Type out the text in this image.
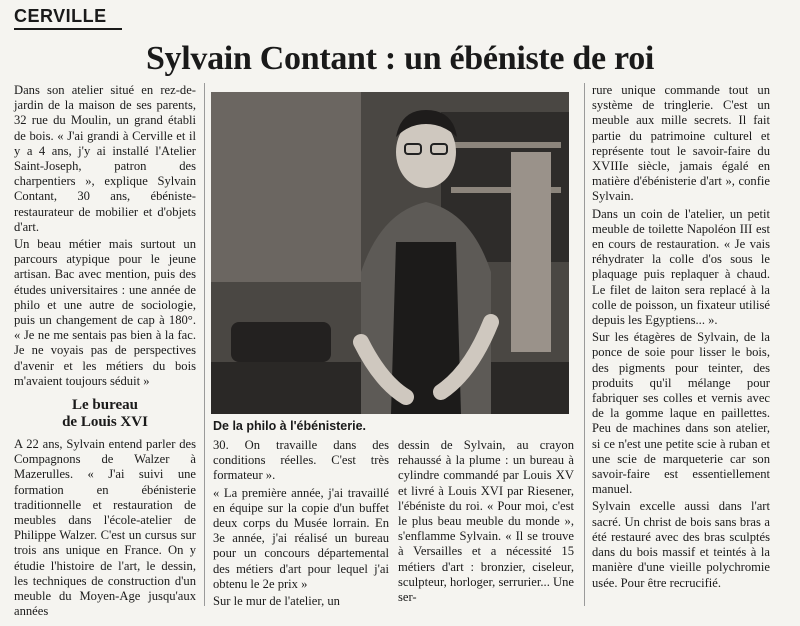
CERVILLE
Sylvain Contant : un ébéniste de roi

Dans son atelier situé en rez-de-jardin de la maison de ses parents, 32 rue du Moulin, un grand établi de bois. « J'ai grandi à Cerville et il y a 4 ans, j'y ai installé l'Atelier Saint-Joseph, patron des charpentiers », explique Sylvain Contant, 30 ans, ébéniste-restaurateur de mobilier et d'objets d'art.

Un beau métier mais surtout un parcours atypique pour le jeune artisan. Bac avec mention, puis des études universitaires : une année de philo et une autre de sociologie, puis un changement de cap à 180°. « Je ne me sentais pas bien à la fac. Je ne voyais pas de perspectives d'avenir et les métiers du bois m'avaient toujours séduit »

Le bureau
de Louis XVI

A 22 ans, Sylvain entend parler des Compagnons de Walzer à Mazerulles. « J'ai suivi une formation en ébénisterie traditionnelle et restauration de meubles dans l'école-atelier de Philippe Walzer. C'est un cursus sur trois ans unique en France. On y étudie l'histoire de l'art, le dessin, les techniques de construction d'un meuble du Moyen-Age jusqu'aux années

De la philo à l'ébénisterie.

30. On travaille dans des conditions réelles. C'est très formateur ».

« La première année, j'ai travaillé en équipe sur la copie d'un buffet deux corps du Musée lorrain. En 3e année, j'ai réalisé un bureau pour un concours départemental des métiers d'art pour lequel j'ai obtenu le 2e prix »

Sur le mur de l'atelier, un

dessin de Sylvain, au crayon rehaussé à la plume : un bureau à cylindre commandé par Louis XV et livré à Louis XVI par Riesener, l'ébéniste du roi. « Pour moi, c'est le plus beau meuble du monde », s'enflamme Sylvain. « Il se trouve à Versailles et a nécessité 15 métiers d'art : bronzier, ciseleur, sculpteur, horloger, serrurier... Une ser-

rure unique commande tout un système de tringlerie. C'est un meuble aux mille secrets. Il fait partie du patrimoine culturel et représente tout le savoir-faire du XVIIIe siècle, jamais égalé en matière d'ébénisterie d'art », confie Sylvain.

Dans un coin de l'atelier, un petit meuble de toilette Napoléon III est en cours de restauration. « Je vais réhydrater la colle d'os sous le plaquage puis replaquer à chaud. Le filet de laiton sera replacé à la colle de poisson, un fixateur utilisé depuis les Egyptiens... ».

Sur les étagères de Sylvain, de la ponce de soie pour lisser le bois, des pigments pour teinter, des produits qu'il mélange pour fabriquer ses colles et vernis avec de la gomme laque en paillettes. Peu de machines dans son atelier, si ce n'est une petite scie à ruban et une scie de marqueterie car son savoir-faire est essentiellement manuel.

Sylvain excelle aussi dans l'art sacré. Un christ de bois sans bras a été restauré avec des bras sculptés dans du bois massif et teintés à la manière d'une vieille polychromie usée. Pour être recrucifié.
